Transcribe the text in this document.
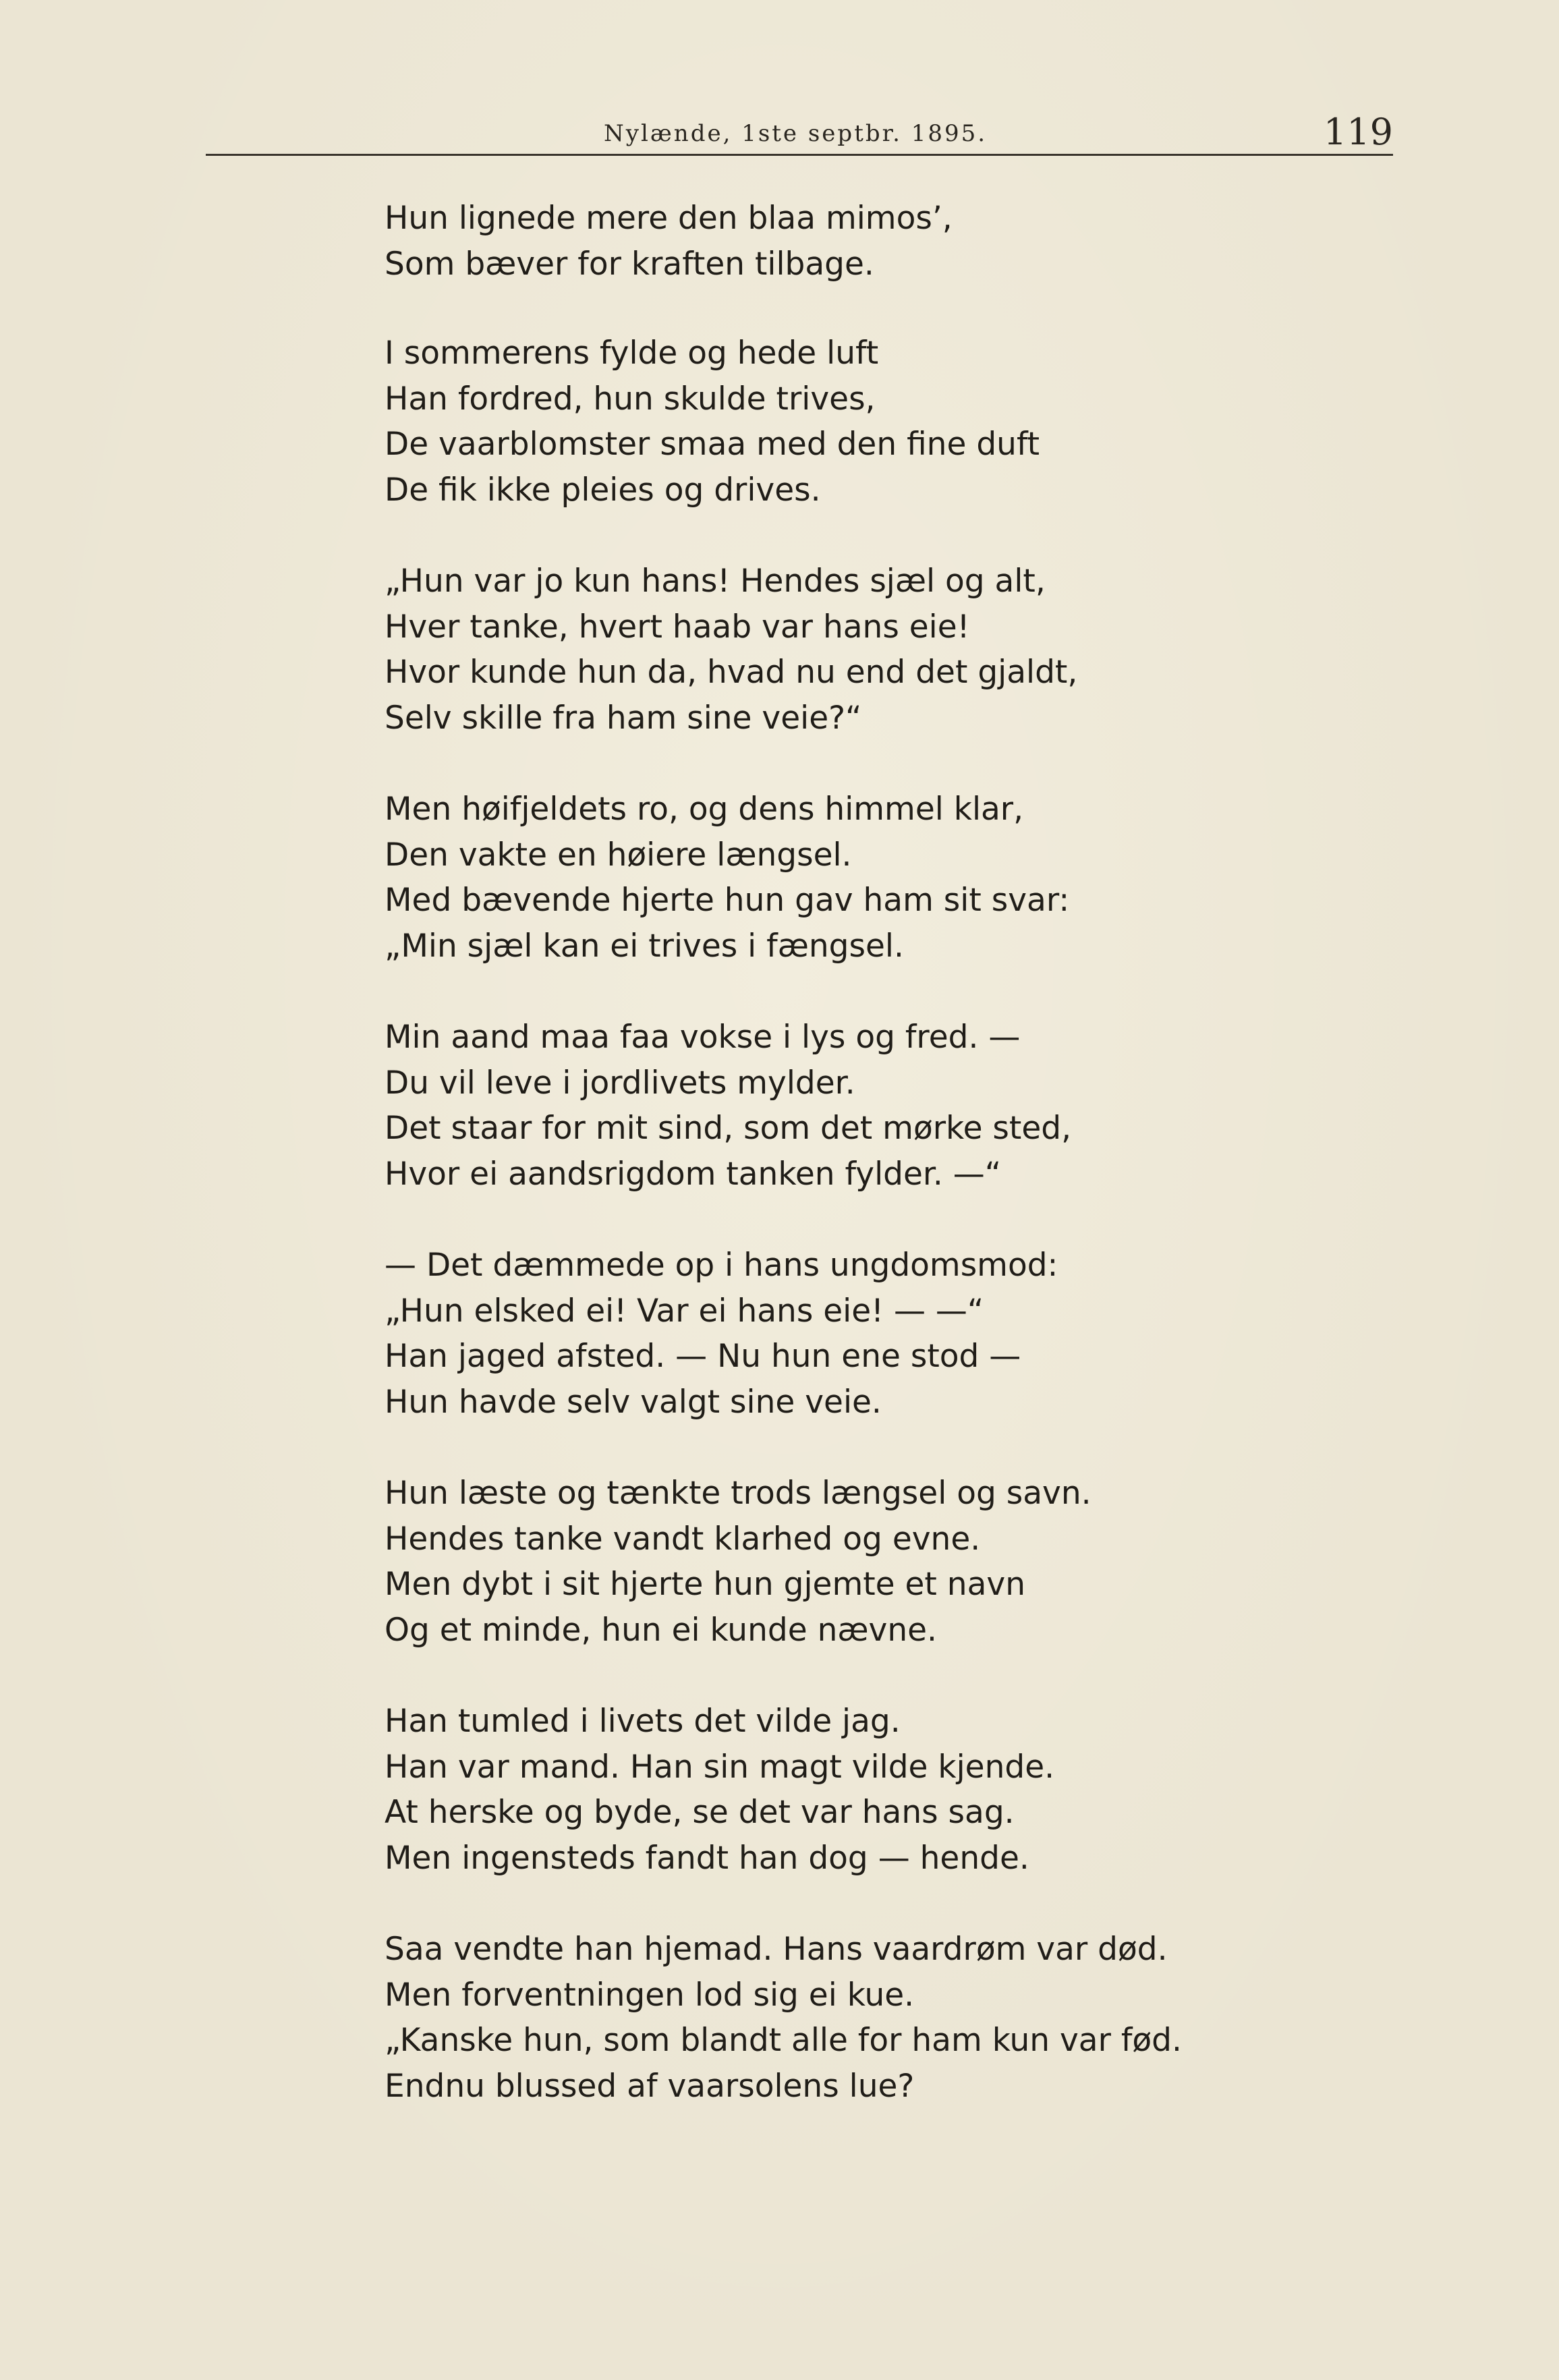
Nylænde, 1ste septbr. 1895.	119
Hun lignede mere den blaa mimos’,
Som bæver for kraften tilbage.
I sommerens fylde og hede luft
Han fordred, hun skulde trives,
De vaarblomster smaa med den fine duft
De fik ikke pleies og drives.
„Hun var jo kun hans! Hendes sjæl og alt,
Hver tanke, hvert haab var hans eie!
Hvor kunde hun da, hvad nu end det gjaldt,
Selv skille fra ham sine veie?“
Men høifjeldets ro, og dens himmel klar,
Den vakte en høiere længsel.
Med bævende hjerte hun gav ham sit svar:
„Min sjæl kan ei trives i fængsel.
Min aand maa faa vokse i lys og fred. —
Du vil leve i jordlivets mylder.
Det staar for mit sind, som det mørke sted,
Hvor ei aandsrigdom tanken fylder. —“
— Det dæmmede op i hans ungdomsmod:
„Hun elsked ei! Var ei hans eie! — —“
Han jaged afsted. — Nu hun ene stod —
Hun havde selv valgt sine veie.
Hun læste og tænkte trods længsel og savn.
Hendes tanke vandt klarhed og evne.
Men dybt i sit hjerte hun gjemte et navn
Og et minde, hun ei kunde nævne.
Han tumled i livets det vilde jag.
Han var mand. Han sin magt vilde kjende.
At herske og byde, se det var hans sag.
Men ingensteds fandt han dog — hende.
Saa vendte han hjemad. Hans vaardrøm var død.
Men forventningen lod sig ei kue.
„Kanske hun, som blandt alle for ham kun var fød.
Endnu blussed af vaarsolens lue?
